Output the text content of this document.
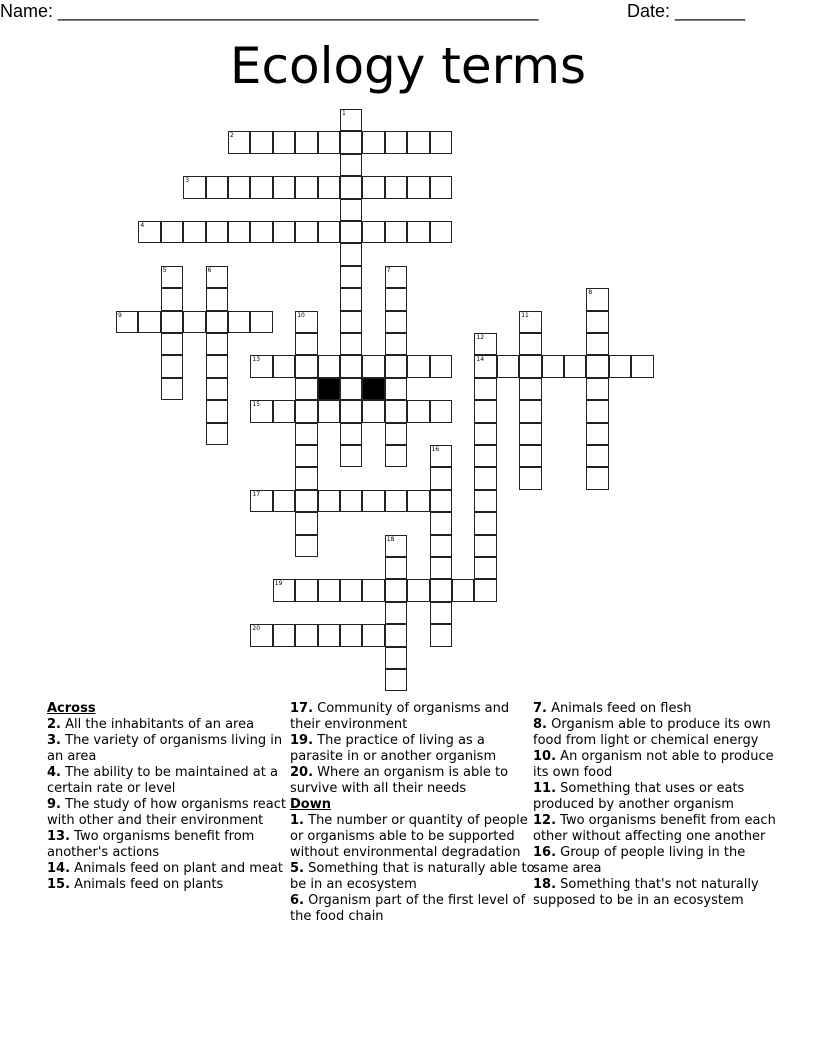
Name: ________________________________________________	Date: _______
Ecology terms
1
2
3
4
5	6	7
8
9	10	11
12
14
13
15
16
17
18
19
20
Across
2. All the inhabitants of an area
3. The variety of organisms living in an area
4. The ability to be maintained at a certain rate or level
9. The study of how organisms react with other and their environment
13. Two organisms benefit from another's actions
14. Animals feed on plant and meat
15. Animals feed on plants
17. Community of organisms and their environment
19. The practice of living as a parasite in or another organism
20. Where an organism is able to survive with all their needs
Down
1. The number or quantity of people or organisms able to be supported without environmental degradation
5. Something that is naturally able to be in an ecosystem
6. Organism part of the first level of the food chain
7. Animals feed on flesh
8. Organism able to produce its own food from light or chemical energy
10. An organism not able to produce its own food
11. Something that uses or eats produced by another organism
12. Two organisms benefit from each other without affecting one another
16. Group of people living in the same area
18. Something that's not naturally supposed to be in an ecosystem
